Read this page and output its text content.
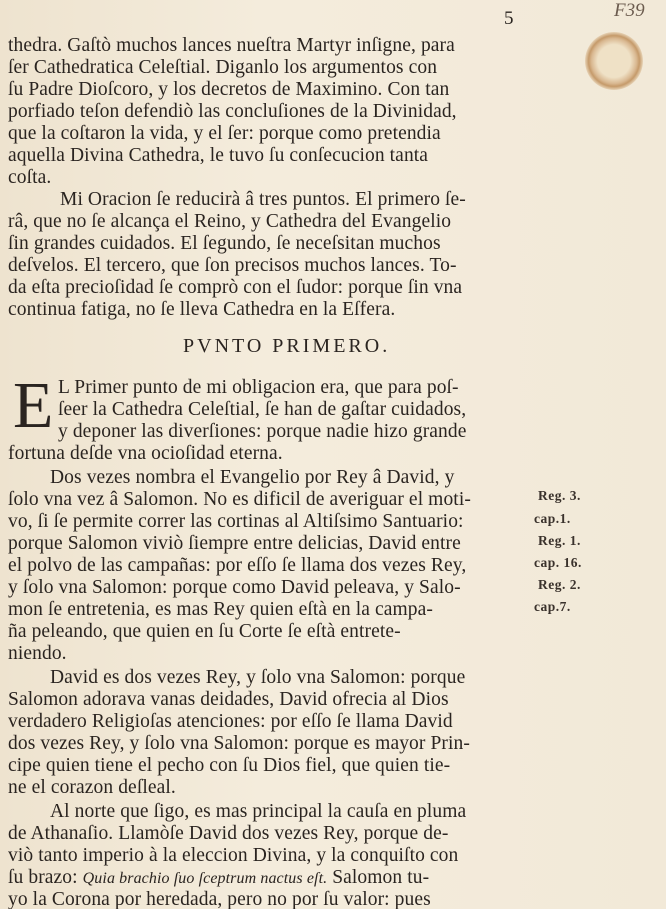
F39
5
thedra. Gaſtò muchos lances nueſtra Martyr inſigne, para
ſer Cathedratica Celeſtial. Diganlo los argumentos con
ſu Padre Dioſcoro, y los decretos de Maximino. Con tan
porfiado teſon defendiò las concluſiones de la Divinidad,
que la coſtaron la vida, y el ſer: porque como pretendia
aquella Divina Cathedra, le tuvo ſu conſecucion tanta
coſta.
Mi Oracion ſe reducirà â tres puntos. El primero ſe-
râ, que no ſe alcança el Reino, y Cathedra del Evangelio
ſin grandes cuidados. El ſegundo, ſe neceſsitan muchos
deſvelos. El tercero, que ſon precisos muchos lances. To-
da eſta precioſidad ſe comprò con el ſudor: porque ſin vna
continua fatiga, no ſe lleva Cathedra en la Eſfera.
PVNTO PRIMERO.
E L Primer punto de mi obligacion era, que para poſ-
ſeer la Cathedra Celeſtial, ſe han de gaſtar cuidados,
y deponer las diverſiones: porque nadie hizo grande
fortuna deſde vna ocioſidad eterna.
Dos vezes nombra el Evangelio por Rey â David, y
ſolo vna vez â Salomon. No es dificil de averiguar el moti-
vo, ſi ſe permite correr las cortinas al Altiſsimo Santuario:
porque Salomon viviò ſiempre entre delicias, David entre
el polvo de las campañas: por eſſo ſe llama dos vezes Rey,
y ſolo vna Salomon: porque como David peleava, y Salo-
mon ſe entretenia, es mas Rey quien eſtà en la campa-
ña peleando, que quien en ſu Corte ſe eſtà entrete-
niendo.
David es dos vezes Rey, y ſolo vna Salomon: porque
Salomon adorava vanas deidades, David ofrecia al Dios
verdadero Religioſas atenciones: por eſſo ſe llama David
dos vezes Rey, y ſolo vna Salomon: porque es mayor Prin-
cipe quien tiene el pecho con ſu Dios fiel, que quien tie-
ne el corazon deſleal.
Al norte que ſigo, es mas principal la cauſa en pluma
de Athanaſio. Llamòſe David dos vezes Rey, porque de-
viò tanto imperio à la eleccion Divina, y la conquiſto con
ſu brazo: Quia brachio ſuo ſceptrum nactus eſt. Salomon tu-
yo la Corona por heredada, pero no por ſu valor: pues
Reg. 3.
cap.1.
Reg. 1.
cap. 16.
Reg. 2.
cap.7.
